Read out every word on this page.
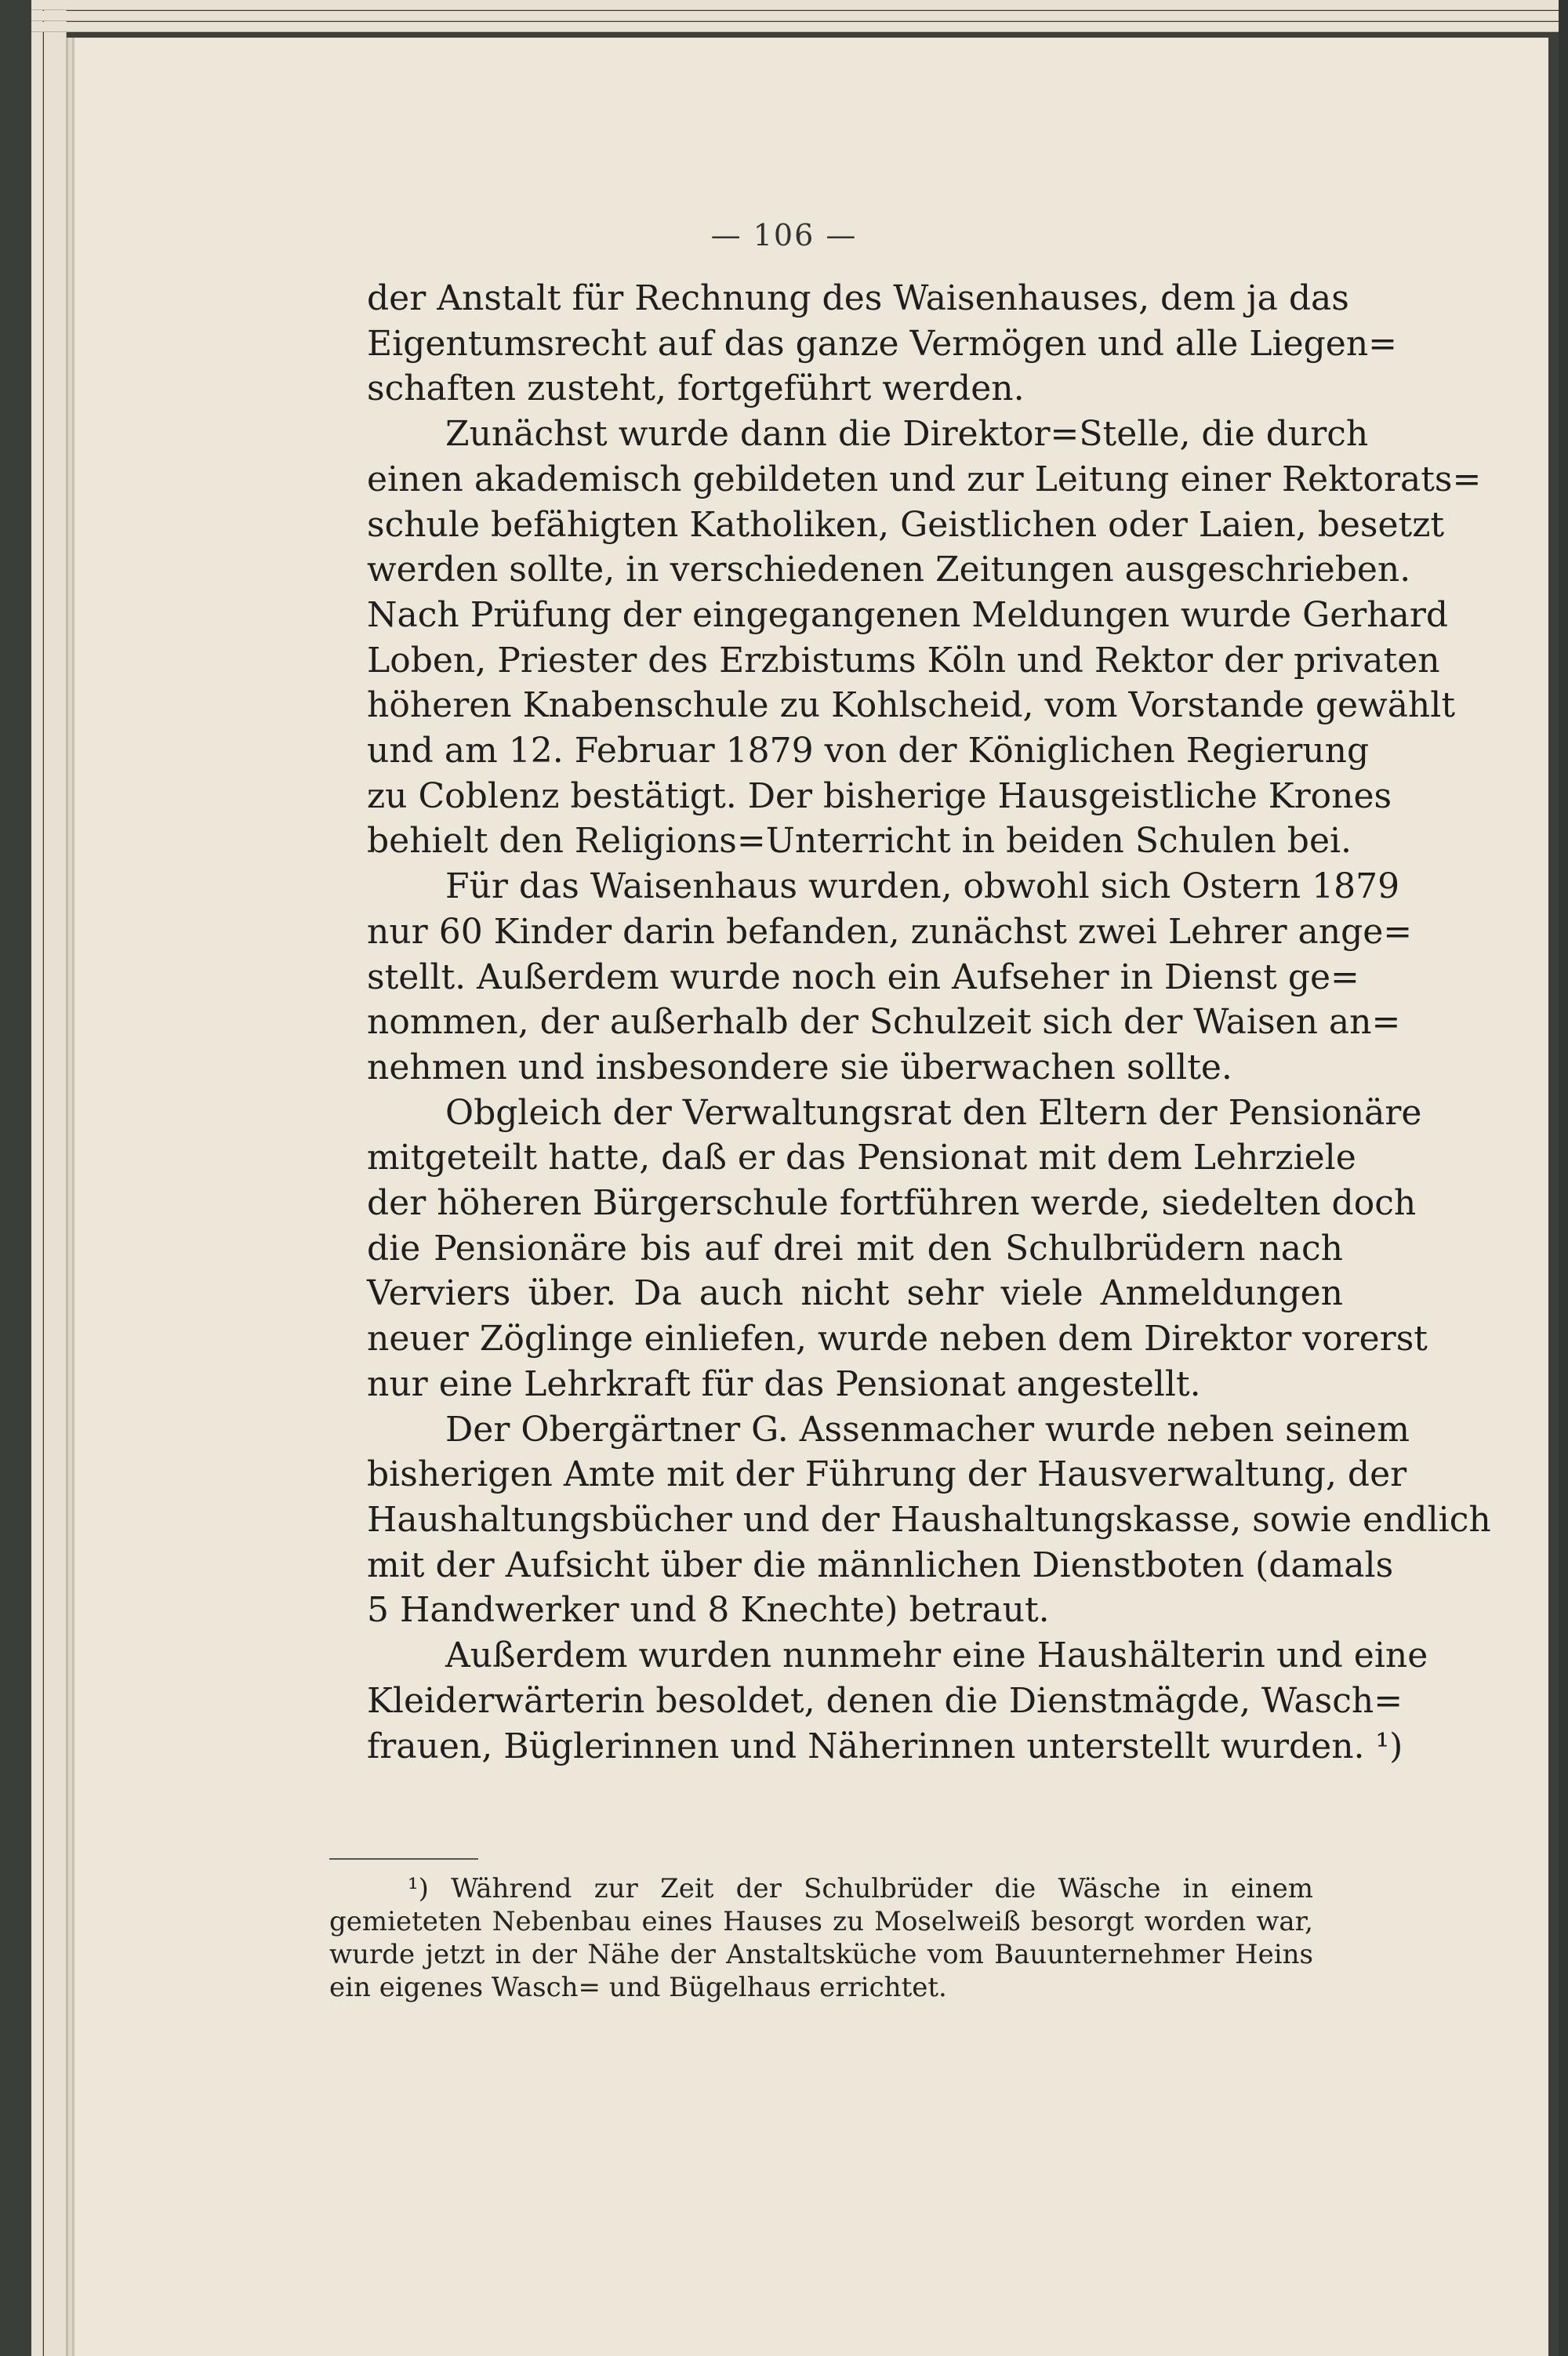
— 106 —

der Anstalt für Rechnung des Waisenhauses, dem ja das
Eigentumsrecht auf das ganze Vermögen und alle Liegen=
schaften zusteht, fortgeführt werden.

Zunächst wurde dann die Direktor=Stelle, die durch
einen akademisch gebildeten und zur Leitung einer Rektorats=
schule befähigten Katholiken, Geistlichen oder Laien, besetzt
werden sollte, in verschiedenen Zeitungen ausgeschrieben.
Nach Prüfung der eingegangenen Meldungen wurde Gerhard
Loben, Priester des Erzbistums Köln und Rektor der privaten
höheren Knabenschule zu Kohlscheid, vom Vorstande gewählt
und am 12. Februar 1879 von der Königlichen Regierung
zu Coblenz bestätigt. Der bisherige Hausgeistliche Krones
behielt den Religions=Unterricht in beiden Schulen bei.

Für das Waisenhaus wurden, obwohl sich Ostern 1879
nur 60 Kinder darin befanden, zunächst zwei Lehrer ange=
stellt. Außerdem wurde noch ein Aufseher in Dienst ge=
nommen, der außerhalb der Schulzeit sich der Waisen an=
nehmen und insbesondere sie überwachen sollte.

Obgleich der Verwaltungsrat den Eltern der Pensionäre
mitgeteilt hatte, daß er das Pensionat mit dem Lehrziele
der höheren Bürgerschule fortführen werde, siedelten doch
die Pensionäre bis auf drei mit den Schulbrüdern nach
Verviers über. Da auch nicht sehr viele Anmeldungen
neuer Zöglinge einliefen, wurde neben dem Direktor vorerst
nur eine Lehrkraft für das Pensionat angestellt.

Der Obergärtner G. Assenmacher wurde neben seinem
bisherigen Amte mit der Führung der Hausverwaltung, der
Haushaltungsbücher und der Haushaltungskasse, sowie endlich
mit der Aufsicht über die männlichen Dienstboten (damals
5 Handwerker und 8 Knechte) betraut.

Außerdem wurden nunmehr eine Haushälterin und eine
Kleiderwärterin besoldet, denen die Dienstmägde, Wasch=
frauen, Büglerinnen und Näherinnen unterstellt wurden. ¹)

¹) Während zur Zeit der Schulbrüder die Wäsche in einem
gemieteten Nebenbau eines Hauses zu Moselweiß besorgt worden war,
wurde jetzt in der Nähe der Anstaltsküche vom Bauunternehmer Heins
ein eigenes Wasch= und Bügelhaus errichtet.
